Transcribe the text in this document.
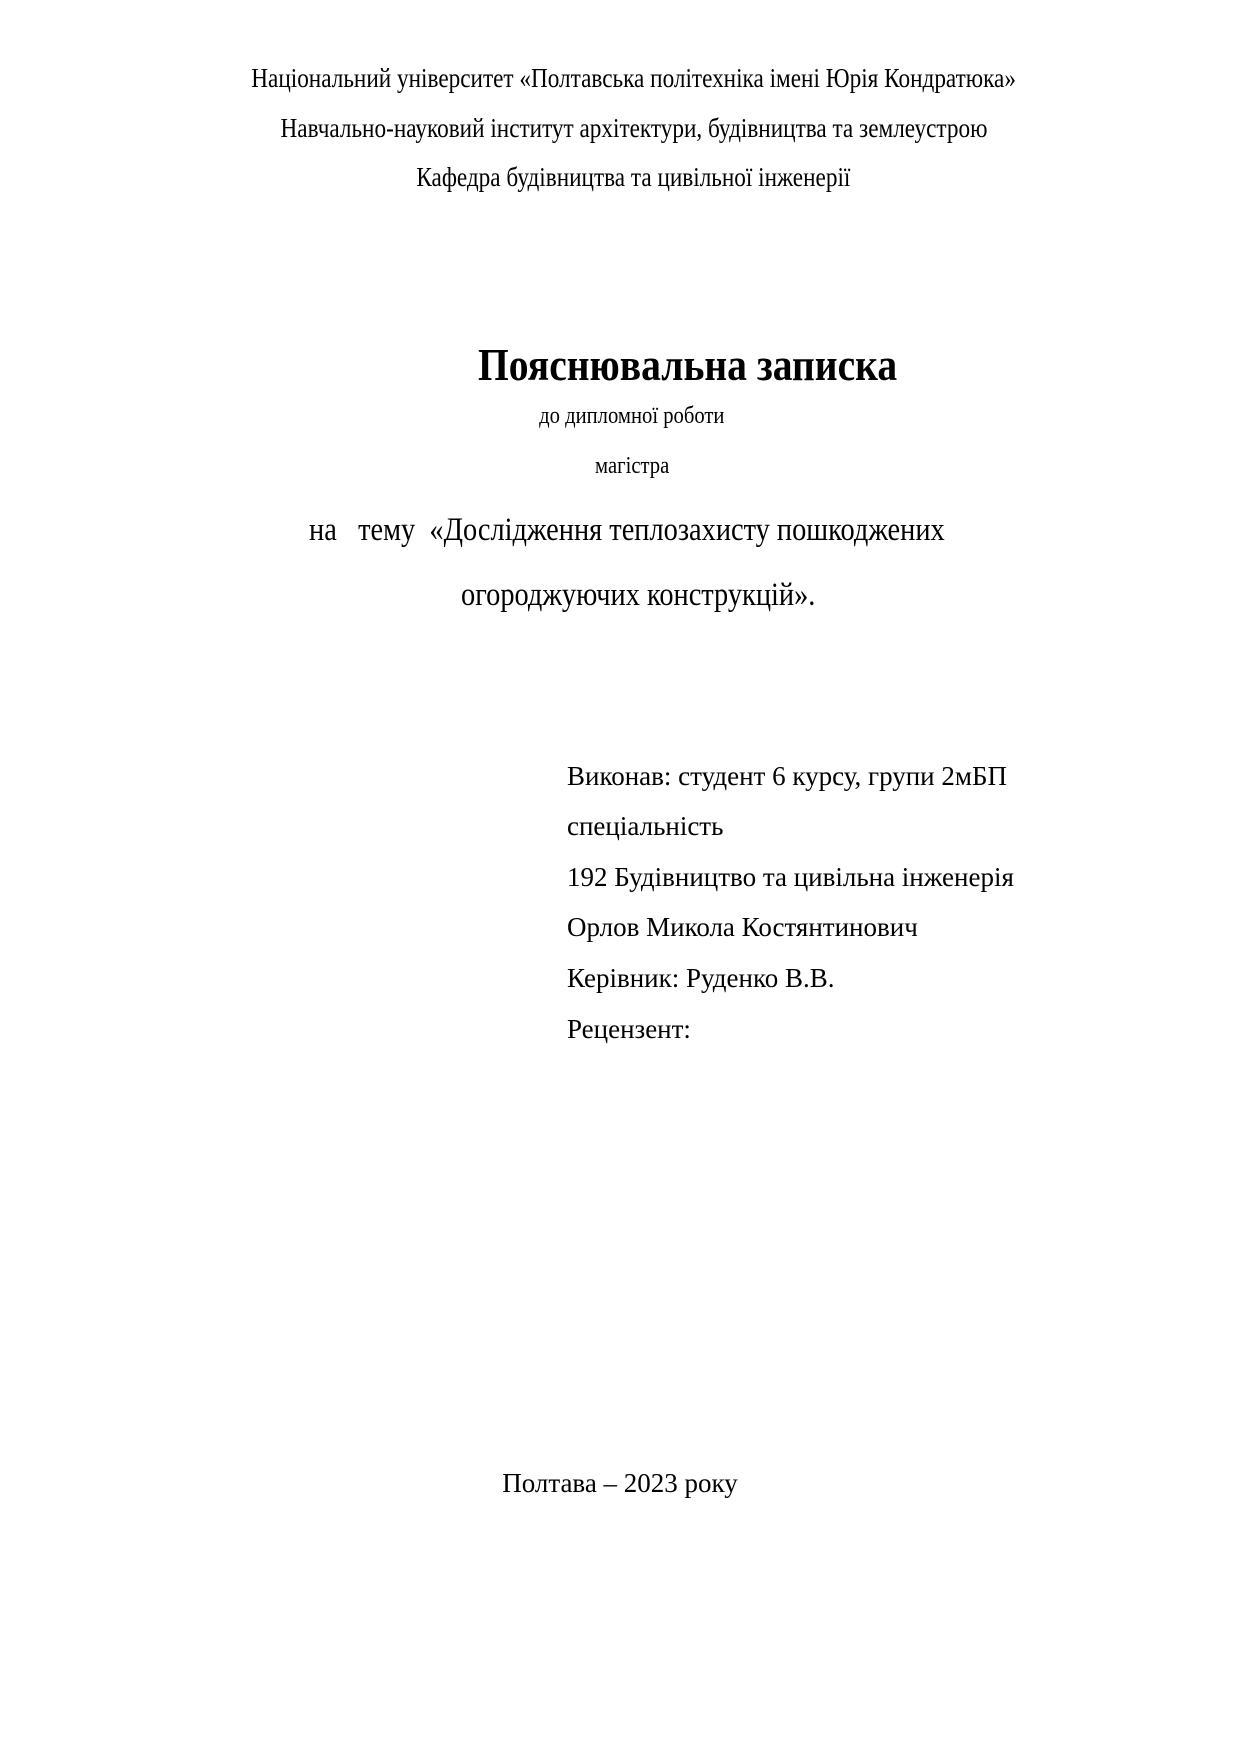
Національний університет «Полтавська політехніка імені Юрія Кондратюка»

Навчально-науковий інститут архітектури, будівництва та землеустрою

Кафедра будівництва та цивільної інженерії

Пояснювальна записка

до дипломної роботи

магістра

на   тему  «Дослідження теплозахисту пошкоджених

огороджуючих конструкцій».

Виконав: студент 6 курсу, групи 2мБП
спеціальність
192 Будівництво та цивільна інженерія
Орлов Микола Костянтинович
Керівник: Руденко В.В.
Рецензент:
Полтава – 2023 року
